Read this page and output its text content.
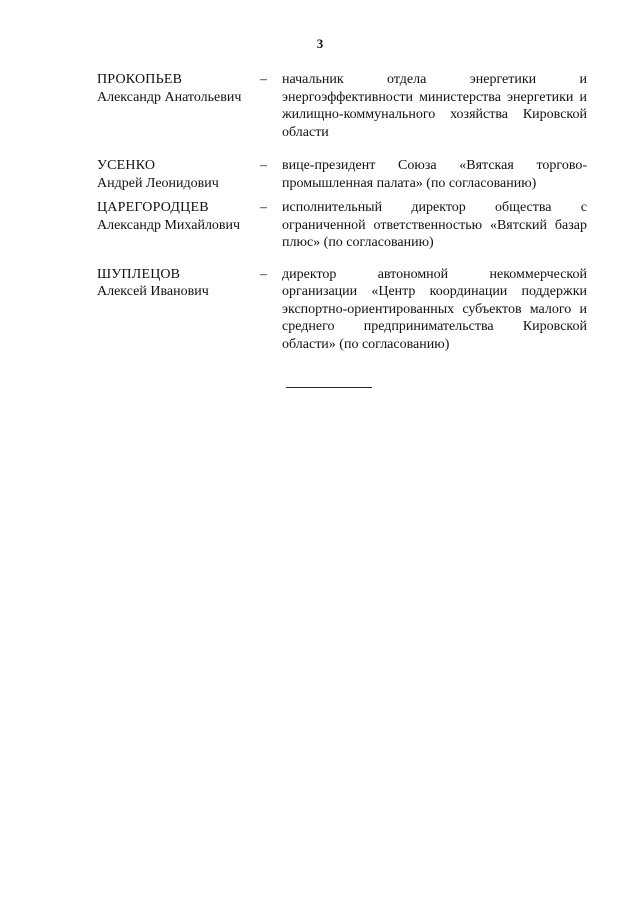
3
ПРОКОПЬЕВ
Александр Анатольевич
–	начальник отдела энергетики и энергоэффективности министерства энергетики и жилищно-коммунального хозяйства Кировской области
УСЕНКО
Андрей Леонидович
–	вице-президент Союза «Вятская торгово-промышленная палата» (по согласованию)
ЦАРЕГОРОДЦЕВ
Александр Михайлович
–	исполнительный директор общества с ограниченной ответственностью «Вятский базар плюс» (по согласованию)
ШУПЛЕЦОВ
Алексей Иванович
–	директор автономной некоммерческой организации «Центр координации поддержки экспортно-ориентированных субъектов малого и среднего предпринимательства Кировской области» (по согласованию)
